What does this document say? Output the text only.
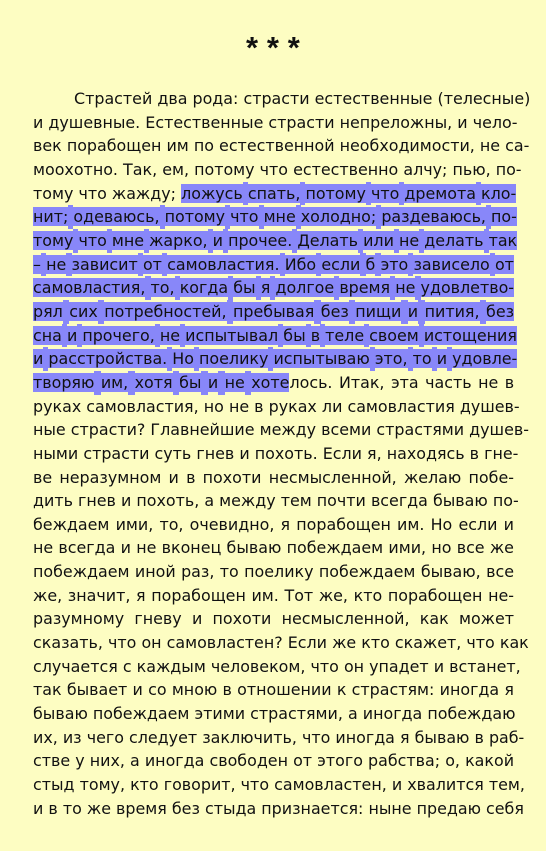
* * *
Страстей
два
рода:
страсти
естественные
(телесные)
и
душевные.
Естественные
страсти
непреложны,
и
чело-
век
порабощен
им
по
естественной
необходимости,
не
са-
моохотно.
Так,
ем,
потому
что
естественно
алчу;
пью,
по-
тому
что
жажду;
ложусь
спать,
потому
что
дремота
кло-
нит;
одеваюсь,
потому
что
мне
холодно;
раздеваюсь,
по-
тому
что
мне
жарко,
и
прочее.
Делать
или
не
делать
так
–
не
зависит
от
самовластия.
Ибо
если
б
это
зависело
от
самовластия,
то,
когда
бы
я
долгое
время
не
удовлетво-
рял
сих
потребностей,
пребывая
без
пищи
и
пития,
без
сна
и
прочего,
не
испытывал
бы
в
теле
своем
истощения
и
расстройства.
Но
поелику
испытываю
это,
то
и
удовле-
творяю
им,
хотя
бы
и
не
хотелось.
Итак,
эта
часть
не
в
руках
самовластия,
но
не
в
руках
ли
самовластия
душев-
ные
страсти?
Главнейшие
между
всеми
страстями
душев-
ными
страсти
суть
гнев
и
похоть.
Если
я,
находясь
в
гне-
ве
неразумном
и
в
похоти
несмысленной,
желаю
побе-
дить
гнев
и
похоть,
а
между
тем
почти
всегда
бываю
по-
беждаем
ими,
то,
очевидно,
я
порабощен
им.
Но
если
и
не
всегда
и
не
вконец
бываю
побеждаем
ими,
но
все
же
побеждаем
иной
раз,
то
поелику
побеждаем
бываю,
все
же,
значит,
я
порабощен
им.
Тот
же,
кто
порабощен
не-
разумному
гневу
и
похоти
несмысленной,
как
может
сказать,
что
он
самовластен?
Если
же
кто
скажет,
что
как
случается
с
каждым
человеком,
что
он
упадет
и
встанет,
так
бывает
и
со
мною
в
отношении
к
страстям:
иногда
я
бываю
побеждаем
этими
страстями,
а
иногда
побеждаю
их,
из
чего
следует
заключить,
что
иногда
я
бываю
в
раб-
стве
у
них,
а
иногда
свободен
от
этого
рабства;
о,
какой
стыд
тому,
кто
говорит,
что
самовластен,
и
хвалится
тем,
и
в
то
же
время
без
стыда
признается:
ныне
предаю
себя
